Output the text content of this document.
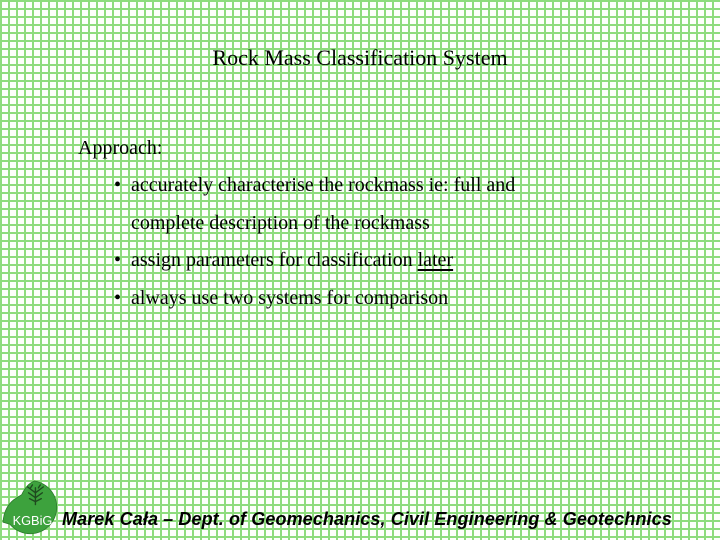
Rock Mass Classification System
Approach:
• accurately characterise the rockmass ie: full and
complete description of the rockmass
• assign parameters for classification later
• always use two systems for comparison
KGBiG Marek Cała – Dept. of Geomechanics, Civil Engineering & Geotechnics
